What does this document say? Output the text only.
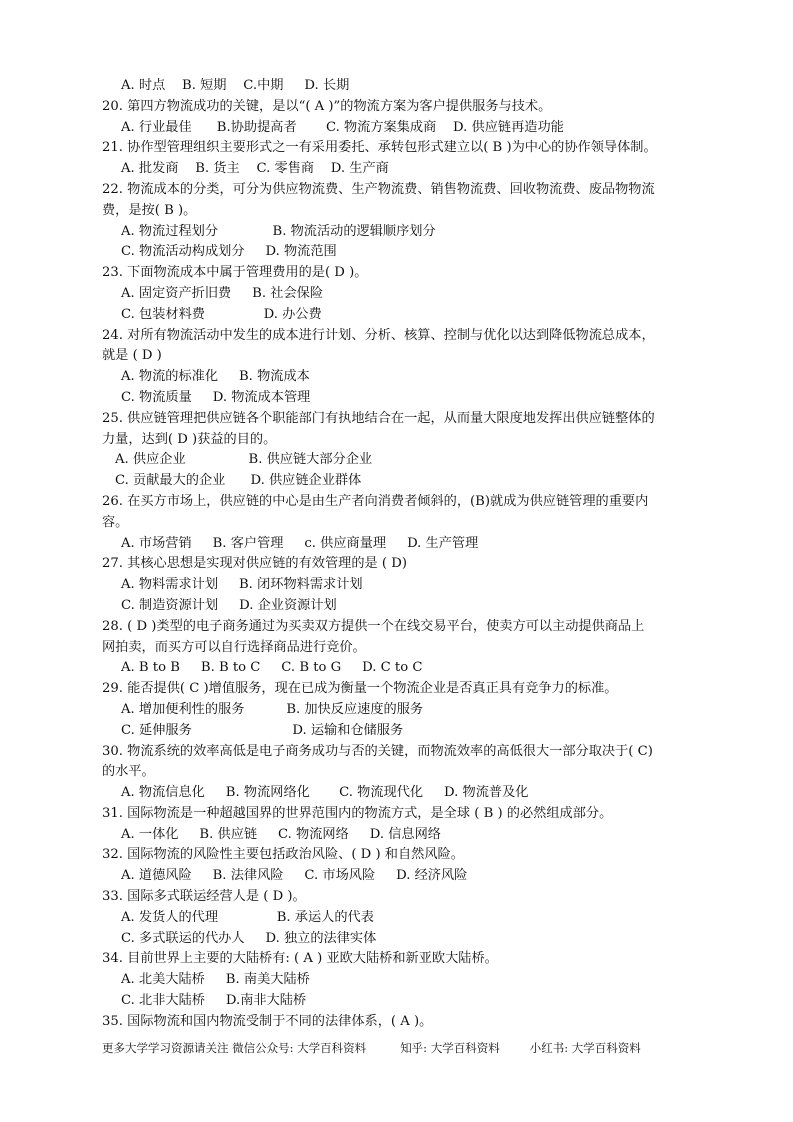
A. 时点    B. 短期    C.中期     D. 长期
20. 第四方物流成功的关键，是以“( A )”的物流方案为客户提供服务与技术。
A. 行业最佳      B.协助提高者       C. 物流方案集成商    D. 供应链再造功能
21. 协作型管理组织主要形式之一有采用委托、承转包形式建立以( B )为中心的协作领导体制。
A. 批发商    B. 货主    C. 零售商    D. 生产商
22. 物流成本的分类，可分为供应物流费、生产物流费、销售物流费、回收物流费、废品物物流
费，是按( B )。
A. 物流过程划分             B. 物流活动的逻辑顺序划分
C. 物流活动构成划分     D. 物流范围
23. 下面物流成本中属于管理费用的是( D )。
A. 固定资产折旧费     B. 社会保险
C. 包装材料费              D. 办公费
24. 对所有物流活动中发生的成本进行计划、分析、核算、控制与优化以达到降低物流总成本，
就是 ( D )
A. 物流的标准化     B. 物流成本
C. 物流质量     D. 物流成本管理
25. 供应链管理把供应链各个职能部门有执地结合在一起，从而量大限度地发挥出供应链整体的
力量，达到( D )获益的目的。
A. 供应企业               B. 供应链大部分企业
C. 贡献最大的企业      D. 供应链企业群体
26. 在买方市场上，供应链的中心是由生产者向消费者倾斜的，(B)就成为供应链管理的重要内
容。
A. 市场营销     B. 客户管理     c. 供应商量理     D. 生产管理
27. 其核心思想是实现对供应链的有效管理的是 ( D)
A. 物料需求计划     B. 闭环物料需求计划
C. 制造资源计划     D. 企业资源计划
28. ( D )类型的电子商务通过为买卖双方提供一个在线交易平台，使卖方可以主动提供商品上
网拍卖，而买方可以自行选择商品进行竞价。
A. B to B     B. B to C     C. B to G     D. C to C
29. 能否提供( C )增值服务，现在已成为衡量一个物流企业是否真正具有竞争力的标准。
A. 增加便利性的服务          B. 加快反应速度的服务
C. 延伸服务                        D. 运输和仓储服务
30. 物流系统的效率高低是电子商务成功与否的关键，而物流效率的高低很大一部分取决于( C)
的水平。
A. 物流信息化     B. 物流网络化       C. 物流现代化     D. 物流普及化
31. 国际物流是一种超越国界的世界范围内的物流方式，是全球 ( B ) 的必然组成部分。
A. 一体化     B. 供应链     C. 物流网络     D. 信息网络
32. 国际物流的风险性主要包括政治风险、( D ) 和自然风险。
A. 道德风险     B. 法律风险     C. 市场风险     D. 经济风险
33. 国际多式联运经营人是 ( D )。
A. 发货人的代理              B. 承运人的代表
C. 多式联运的代办人     D. 独立的法律实体
34. 目前世界上主要的大陆桥有: ( A ) 亚欧大陆桥和新亚欧大陆桥。
A. 北美大陆桥     B. 南美大陆桥
C. 北非大陆桥     D.南非大陆桥
35. 国际物流和国内物流受制于不同的法律体系，( A )。
更多大学学习资源请关注 微信公众号: 大学百科资料	知乎: 大学百科资料	小红书: 大学百科资料
